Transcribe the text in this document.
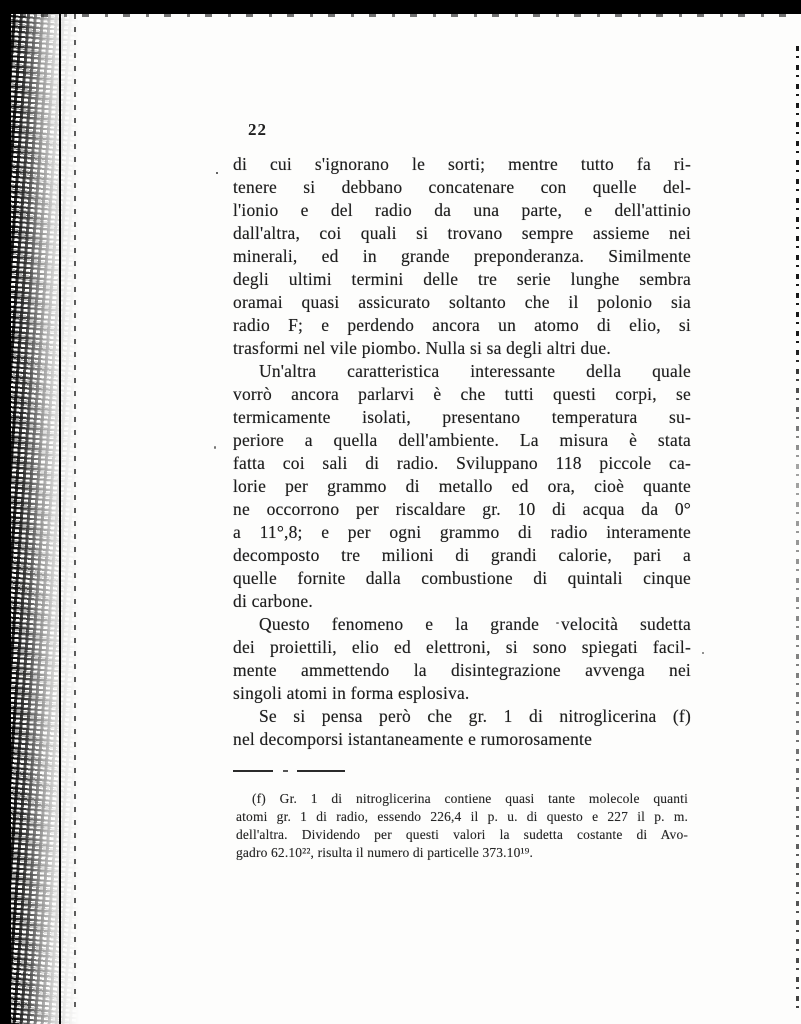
22
di cui s'ignorano le sorti; mentre tutto fa ri-
tenere si debbano concatenare con quelle del-
l'ionio e del radio da una parte, e dell'attinio
dall'altra, coi quali si trovano sempre assieme nei
minerali, ed in grande preponderanza. Similmente
degli ultimi termini delle tre serie lunghe sembra
oramai quasi assicurato soltanto che il polonio sia
radio F; e perdendo ancora un atomo di elio, si
trasformi nel vile piombo. Nulla si sa degli altri due.
Un'altra caratteristica interessante della quale
vorrò ancora parlarvi è che tutti questi corpi, se
termicamente isolati, presentano temperatura su-
periore a quella dell'ambiente. La misura è stata
fatta coi sali di radio. Sviluppano 118 piccole ca-
lorie per grammo di metallo ed ora, cioè quante
ne occorrono per riscaldare gr. 10 di acqua da 0°
a 11°,8; e per ogni grammo di radio interamente
decomposto tre milioni di grandi calorie, pari a
quelle fornite dalla combustione di quintali cinque
di carbone.
Questo fenomeno e la grande velocità sudetta
dei proiettili, elio ed elettroni, si sono spiegati facil-
mente ammettendo la disintegrazione avvenga nei
singoli atomi in forma esplosiva.
Se si pensa però che gr. 1 di nitroglicerina (f)
nel decomporsi istantaneamente e rumorosamente
(f) Gr. 1 di nitroglicerina contiene quasi tante molecole quanti
atomi gr. 1 di radio, essendo 226,4 il p. u. di questo e 227 il p. m.
dell'altra. Dividendo per questi valori la sudetta costante di Avo-
gadro 62.10²², risulta il numero di particelle 373.10¹⁹.
